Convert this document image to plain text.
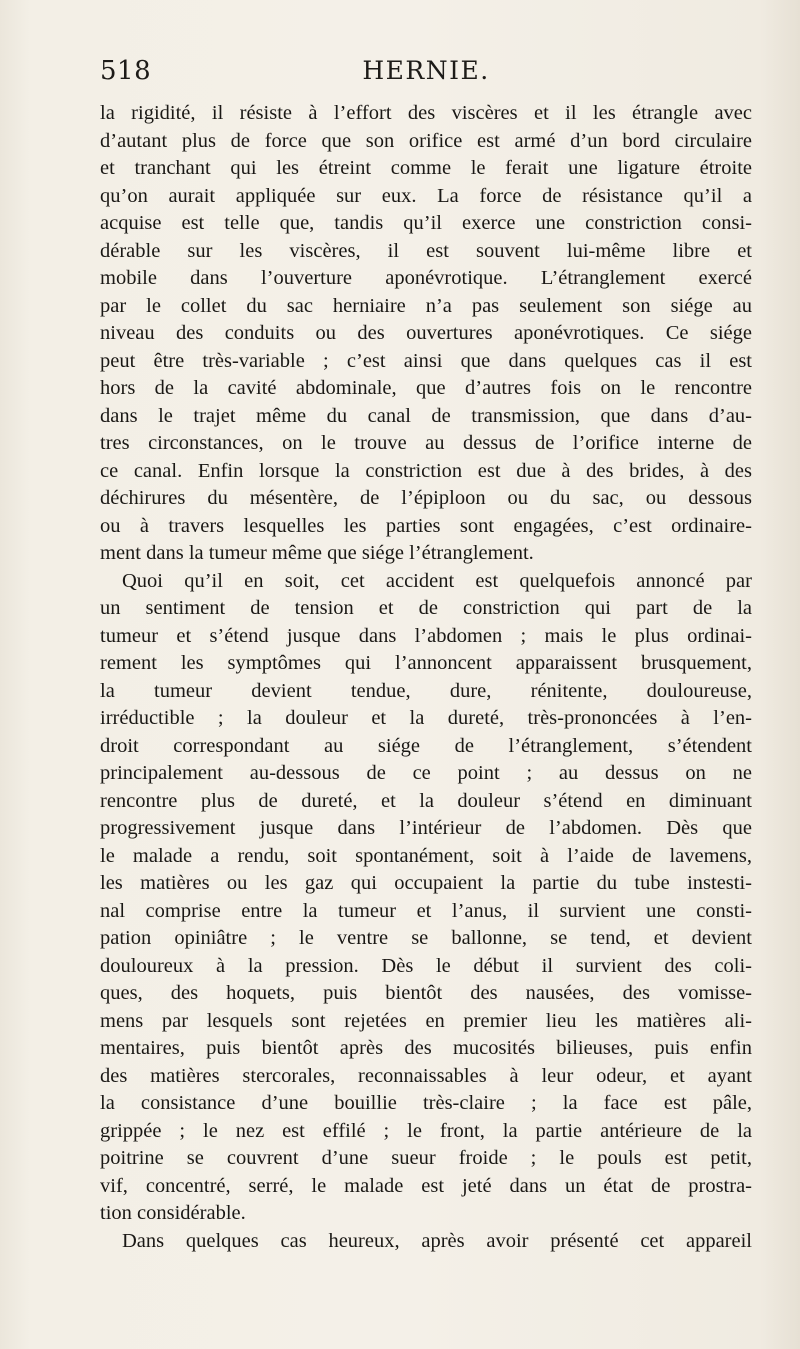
518	HERNIE.
la rigidité, il résiste à l’effort des viscères et il les étrangle avec
d’autant plus de force que son orifice est armé d’un bord circulaire
et tranchant qui les étreint comme le ferait une ligature étroite
qu’on aurait appliquée sur eux. La force de résistance qu’il a
acquise est telle que, tandis qu’il exerce une constriction consi-
dérable sur les viscères, il est souvent lui-même libre et
mobile dans l’ouverture aponévrotique. L’étranglement exercé
par le collet du sac herniaire n’a pas seulement son siége au
niveau des conduits ou des ouvertures aponévrotiques. Ce siége
peut être très-variable ; c’est ainsi que dans quelques cas il est
hors de la cavité abdominale, que d’autres fois on le rencontre
dans le trajet même du canal de transmission, que dans d’au-
tres circonstances, on le trouve au dessus de l’orifice interne de
ce canal. Enfin lorsque la constriction est due à des brides, à des
déchirures du mésentère, de l’épiploon ou du sac, ou dessous
ou à travers lesquelles les parties sont engagées, c’est ordinaire-
ment dans la tumeur même que siége l’étranglement.
Quoi qu’il en soit, cet accident est quelquefois annoncé par
un sentiment de tension et de constriction qui part de la
tumeur et s’étend jusque dans l’abdomen ; mais le plus ordinai-
rement les symptômes qui l’annoncent apparaissent brusquement,
la tumeur devient tendue, dure, rénitente, douloureuse,
irréductible ; la douleur et la dureté, très-prononcées à l’en-
droit correspondant au siége de l’étranglement, s’étendent
principalement au-dessous de ce point ; au dessus on ne
rencontre plus de dureté, et la douleur s’étend en diminuant
progressivement jusque dans l’intérieur de l’abdomen. Dès que
le malade a rendu, soit spontanément, soit à l’aide de lavemens,
les matières ou les gaz qui occupaient la partie du tube instesti-
nal comprise entre la tumeur et l’anus, il survient une consti-
pation opiniâtre ; le ventre se ballonne, se tend, et devient
douloureux à la pression. Dès le début il survient des coli-
ques, des hoquets, puis bientôt des nausées, des vomisse-
mens par lesquels sont rejetées en premier lieu les matières ali-
mentaires, puis bientôt après des mucosités bilieuses, puis enfin
des matières stercorales, reconnaissables à leur odeur, et ayant
la consistance d’une bouillie très-claire ; la face est pâle,
grippée ; le nez est effilé ; le front, la partie antérieure de la
poitrine se couvrent d’une sueur froide ; le pouls est petit,
vif, concentré, serré, le malade est jeté dans un état de prostra-
tion considérable.
Dans quelques cas heureux, après avoir présenté cet appareil
